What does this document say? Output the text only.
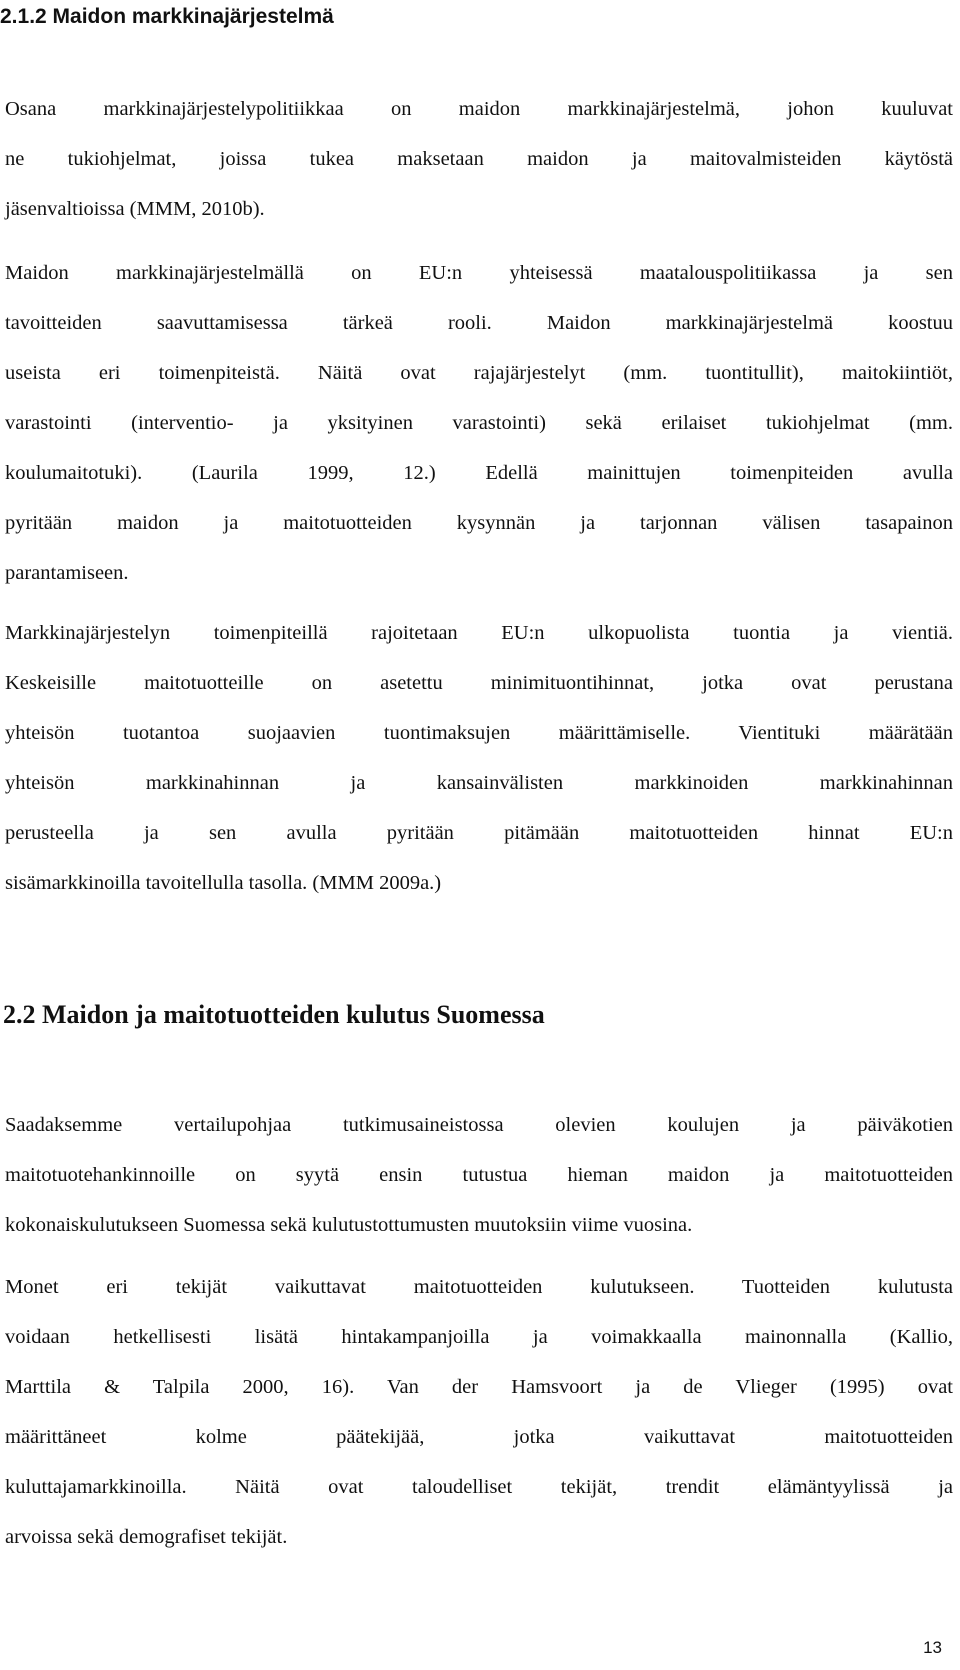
2.1.2 Maidon markkinajärjestelmä

Osana markkinajärjestelypolitiikkaa on maidon markkinajärjestelmä, johon kuuluvat
ne tukiohjelmat, joissa tukea maksetaan maidon ja maitovalmisteiden käytöstä
jäsenvaltioissa (MMM, 2010b).

Maidon markkinajärjestelmällä on EU:n yhteisessä maatalouspolitiikassa ja sen
tavoitteiden saavuttamisessa tärkeä rooli. Maidon markkinajärjestelmä koostuu
useista eri toimenpiteistä. Näitä ovat rajajärjestelyt (mm. tuontitullit), maitokiintiöt,
varastointi (interventio- ja yksityinen varastointi) sekä erilaiset tukiohjelmat (mm.
koulumaitotuki). (Laurila 1999, 12.) Edellä mainittujen toimenpiteiden avulla
pyritään maidon ja maitotuotteiden kysynnän ja tarjonnan välisen tasapainon
parantamiseen.

Markkinajärjestelyn toimenpiteillä rajoitetaan EU:n ulkopuolista tuontia ja vientiä.
Keskeisille maitotuotteille on asetettu minimituontihinnat, jotka ovat perustana
yhteisön tuotantoa suojaavien tuontimaksujen määrittämiselle. Vientituki määrätään
yhteisön markkinahinnan ja kansainvälisten markkinoiden markkinahinnan
perusteella ja sen avulla pyritään pitämään maitotuotteiden hinnat EU:n
sisämarkkinoilla tavoitellulla tasolla. (MMM 2009a.)

2.2 Maidon ja maitotuotteiden kulutus Suomessa

Saadaksemme vertailupohjaa tutkimusaineistossa olevien koulujen ja päiväkotien
maitotuotehankinnoille on syytä ensin tutustua hieman maidon ja maitotuotteiden
kokonaiskulutukseen Suomessa sekä kulutustottumusten muutoksiin viime vuosina.

Monet eri tekijät vaikuttavat maitotuotteiden kulutukseen. Tuotteiden kulutusta
voidaan hetkellisesti lisätä hintakampanjoilla ja voimakkaalla mainonnalla (Kallio,
Marttila & Talpila 2000, 16). Van der Hamsvoort ja de Vlieger (1995) ovat
määrittäneet kolme päätekijää, jotka vaikuttavat maitotuotteiden
kuluttajamarkkinoilla. Näitä ovat taloudelliset tekijät, trendit elämäntyylissä ja
arvoissa sekä demografiset tekijät.

13
